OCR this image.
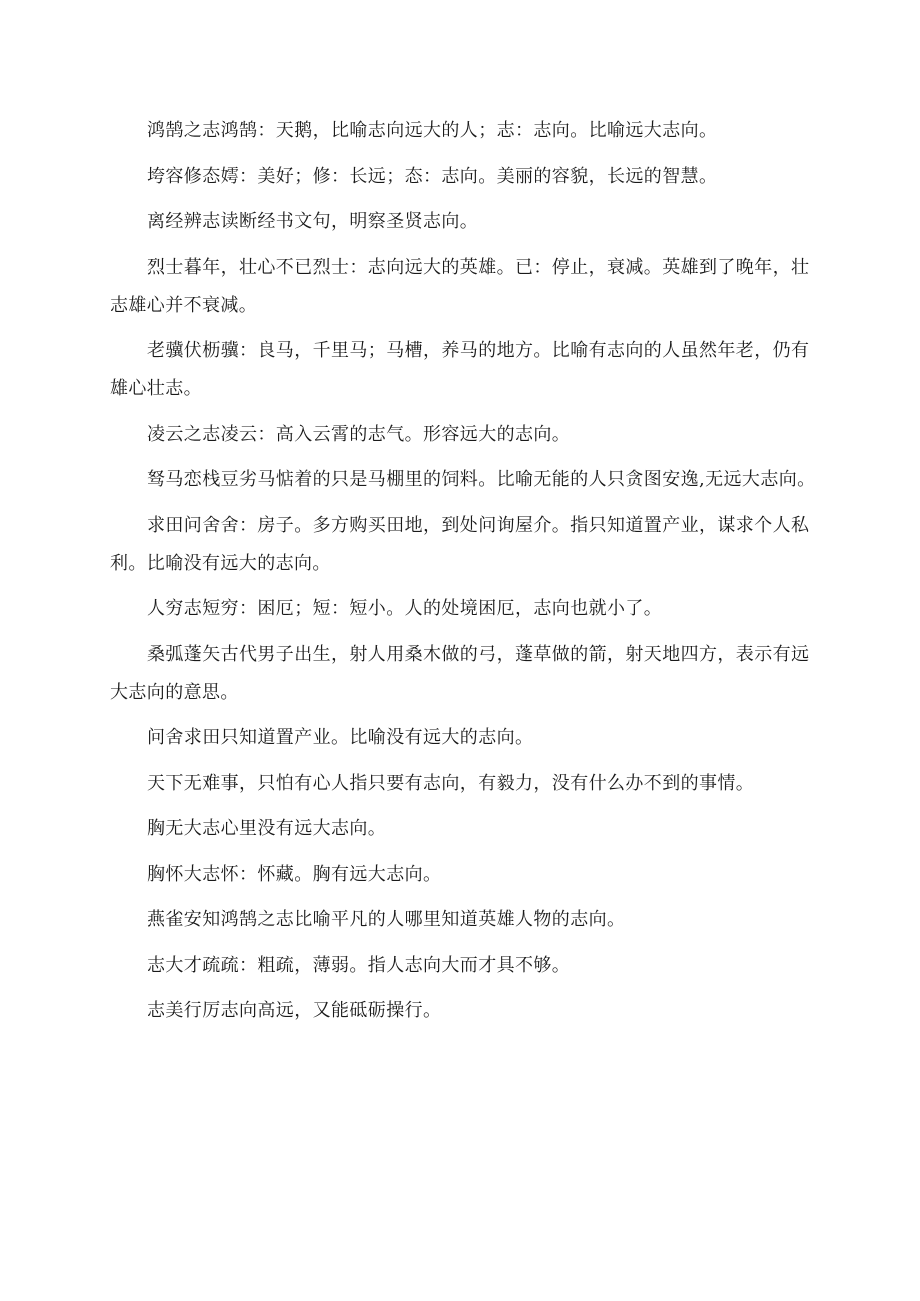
鸿鹄之志鸿鹄：天鹅，比喻志向远大的人；志：志向。比喻远大志向。

垮容修态嫮：美好；修：长远；态：志向。美丽的容貌，长远的智慧。

离经辨志读断经书文句，明察圣贤志向。

烈士暮年，壮心不已烈士：志向远大的英雄。已：停止，衰减。英雄到了晚年，壮志雄心并不衰减。

老骥伏枥骥：良马，千里马；马槽，养马的地方。比喻有志向的人虽然年老，仍有雄心壮志。

凌云之志凌云：高入云霄的志气。形容远大的志向。

驽马恋栈豆劣马惦着的只是马棚里的饲料。比喻无能的人只贪图安逸,无远大志向。

求田问舍舍：房子。多方购买田地，到处问询屋介。指只知道置产业，谋求个人私利。比喻没有远大的志向。

人穷志短穷：困厄；短：短小。人的处境困厄，志向也就小了。

桑弧蓬矢古代男子出生，射人用桑木做的弓，蓬草做的箭，射天地四方，表示有远大志向的意思。

问舍求田只知道置产业。比喻没有远大的志向。

天下无难事，只怕有心人指只要有志向，有毅力，没有什么办不到的事情。

胸无大志心里没有远大志向。

胸怀大志怀：怀藏。胸有远大志向。

燕雀安知鸿鹄之志比喻平凡的人哪里知道英雄人物的志向。

志大才疏疏：粗疏，薄弱。指人志向大而才具不够。

志美行厉志向高远，又能砥砺操行。
